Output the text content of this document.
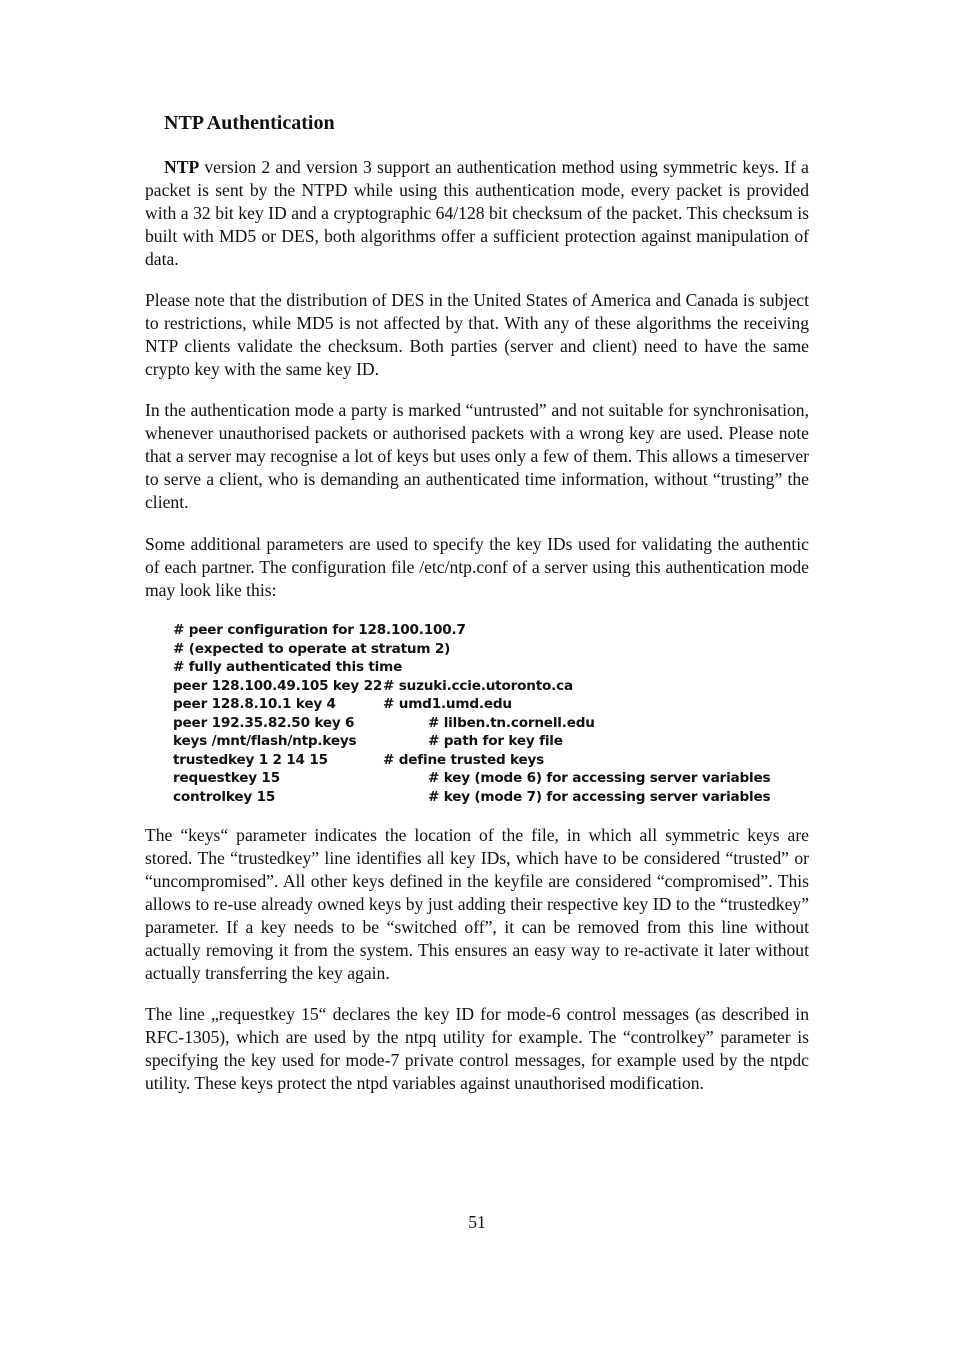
NTP Authentication

NTP version 2 and version 3 support an authentication method using symmetric keys. If a packet is sent by the NTPD while using this authentication mode, every packet is provided with a 32 bit key ID and a cryptographic 64/128 bit checksum of the packet. This checksum is built with MD5 or DES, both algorithms offer a sufficient protection against manipulation of data.

Please note that the distribution of DES in the United States of America and Canada is subject to restrictions, while MD5 is not affected by that. With any of these algorithms the receiving NTP clients validate the checksum. Both parties (server and client) need to have the same crypto key with the same key ID.

In the authentication mode a party is marked “untrusted” and not suitable for synchronisation, whenever unauthorised packets or authorised packets with a wrong key are used. Please note that a server may recognise a lot of keys but uses only a few of them. This allows a timeserver to serve a client, who is demanding an authenticated time information, without “trusting” the client.

Some additional parameters are used to specify the key IDs used for validating the authentic of each partner. The configuration file /etc/ntp.conf of a server using this authentication mode may look like this:

# peer configuration for 128.100.100.7
# (expected to operate at stratum 2)
# fully authenticated this time
peer 128.100.49.105 key 22 # suzuki.ccie.utoronto.ca
peer 128.8.10.1 key 4	# umd1.umd.edu
peer 192.35.82.50 key 6	# lilben.tn.cornell.edu
keys /mnt/flash/ntp.keys	# path for key file
trustedkey 1 2 14 15	# define trusted keys
requestkey 15	# key (mode 6) for accessing server variables
controlkey 15	# key (mode 7) for accessing server variables

The “keys“ parameter indicates the location of the file, in which all symmetric keys are stored. The “trustedkey” line identifies all key IDs, which have to be considered “trusted” or “uncompromised”. All other keys defined in the keyfile are considered “compromised”. This allows to re-use already owned keys by just adding their respective key ID to the “trustedkey” parameter. If a key needs to be “switched off”, it can be removed from this line without actually removing it from the system. This ensures an easy way to re-activate it later without actually transferring the key again.

The line „requestkey 15“ declares the key ID for mode-6 control messages (as described in RFC-1305), which are used by the ntpq utility for example. The “controlkey” parameter is specifying the key used for mode-7 private control messages, for example used by the ntpdc utility. These keys protect the ntpd variables against unauthorised modification.

51
